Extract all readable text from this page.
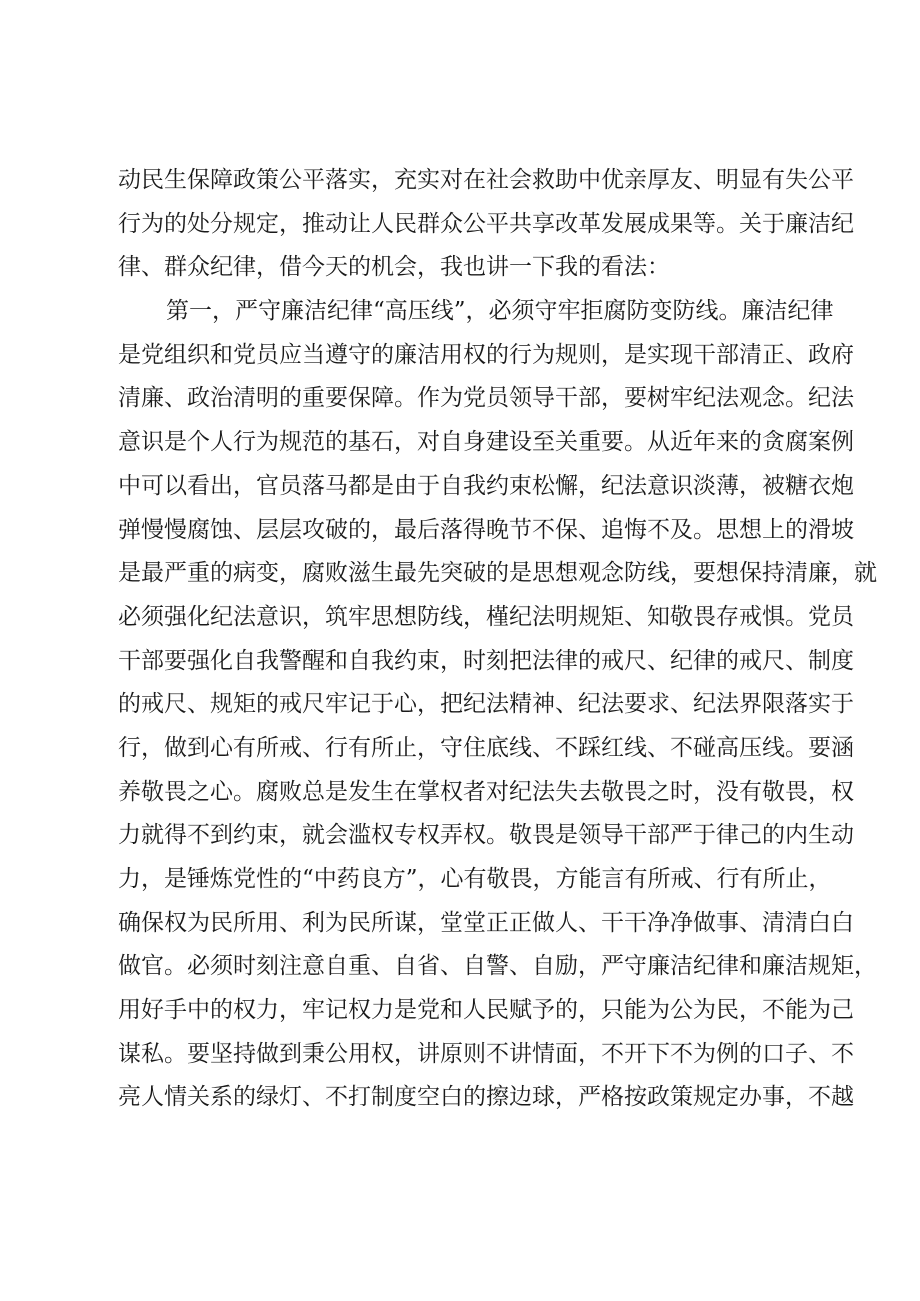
动民生保障政策公平落实，充实对在社会救助中优亲厚友、明显有失公平
行为的处分规定，推动让人民群众公平共享改革发展成果等。关于廉洁纪
律、群众纪律，借今天的机会，我也讲一下我的看法：
第一，严守廉洁纪律“高压线”，必须守牢拒腐防变防线。廉洁纪律
是党组织和党员应当遵守的廉洁用权的行为规则，是实现干部清正、政府
清廉、政治清明的重要保障。作为党员领导干部，要树牢纪法观念。纪法
意识是个人行为规范的基石，对自身建设至关重要。从近年来的贪腐案例
中可以看出，官员落马都是由于自我约束松懈，纪法意识淡薄，被糖衣炮
弹慢慢腐蚀、层层攻破的，最后落得晚节不保、追悔不及。思想上的滑坡
是最严重的病变，腐败滋生最先突破的是思想观念防线，要想保持清廉，就
必须强化纪法意识，筑牢思想防线，槿纪法明规矩、知敬畏存戒惧。党员
干部要强化自我警醒和自我约束，时刻把法律的戒尺、纪律的戒尺、制度
的戒尺、规矩的戒尺牢记于心，把纪法精神、纪法要求、纪法界限落实于
行，做到心有所戒、行有所止，守住底线、不踩红线、不碰高压线。要涵
养敬畏之心。腐败总是发生在掌权者对纪法失去敬畏之时，没有敬畏，权
力就得不到约束，就会滥权专权弄权。敬畏是领导干部严于律己的内生动
力，是锤炼党性的“中药良方”，心有敬畏，方能言有所戒、行有所止，
确保权为民所用、利为民所谋，堂堂正正做人、干干净净做事、清清白白
做官。必须时刻注意自重、自省、自警、自励，严守廉洁纪律和廉洁规矩，
用好手中的权力，牢记权力是党和人民赋予的，只能为公为民，不能为己
谋私。要坚持做到秉公用权，讲原则不讲情面，不开下不为例的口子、不
亮人情关系的绿灯、不打制度空白的擦边球，严格按政策规定办事，不越
